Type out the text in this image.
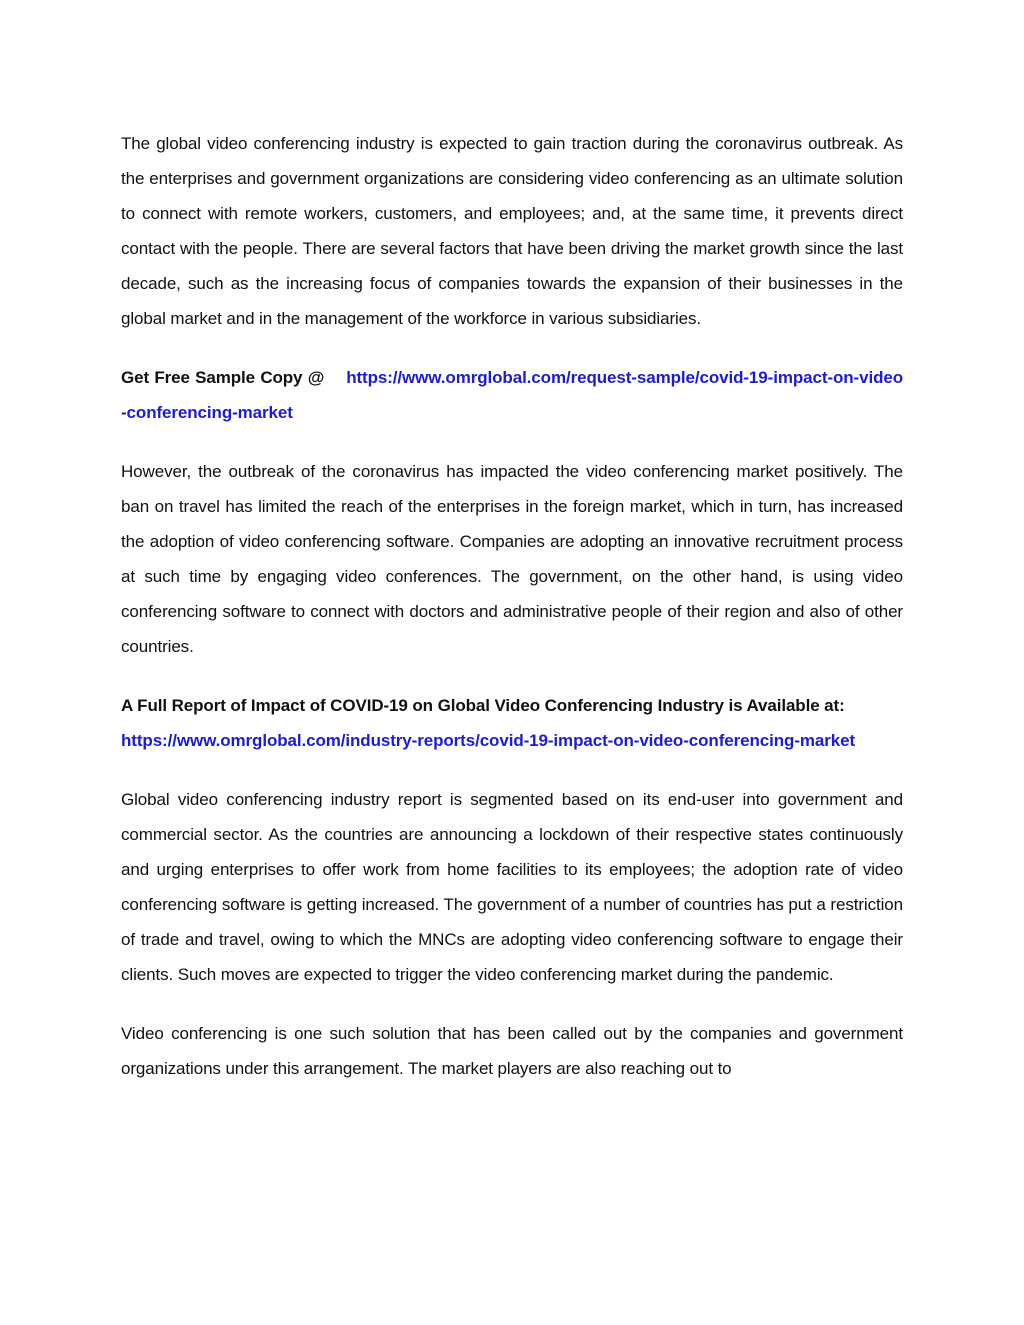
The global video conferencing industry is expected to gain traction during the coronavirus outbreak. As the enterprises and government organizations are considering video conferencing as an ultimate solution to connect with remote workers, customers, and employees; and, at the same time, it prevents direct contact with the people. There are several factors that have been driving the market growth since the last decade, such as the increasing focus of companies towards the expansion of their businesses in the global market and in the management of the workforce in various subsidiaries.

Get Free Sample Copy @ https://www.omrglobal.com/request-sample/covid-19-impact-on-video-conferencing-market

However, the outbreak of the coronavirus has impacted the video conferencing market positively. The ban on travel has limited the reach of the enterprises in the foreign market, which in turn, has increased the adoption of video conferencing software. Companies are adopting an innovative recruitment process at such time by engaging video conferences. The government, on the other hand, is using video conferencing software to connect with doctors and administrative people of their region and also of other countries.

A Full Report of Impact of COVID-19 on Global Video Conferencing Industry is Available at:

https://www.omrglobal.com/industry-reports/covid-19-impact-on-video-conferencing-market

Global video conferencing industry report is segmented based on its end-user into government and commercial sector. As the countries are announcing a lockdown of their respective states continuously and urging enterprises to offer work from home facilities to its employees; the adoption rate of video conferencing software is getting increased. The government of a number of countries has put a restriction of trade and travel, owing to which the MNCs are adopting video conferencing software to engage their clients. Such moves are expected to trigger the video conferencing market during the pandemic.

Video conferencing is one such solution that has been called out by the companies and government organizations under this arrangement. The market players are also reaching out to
